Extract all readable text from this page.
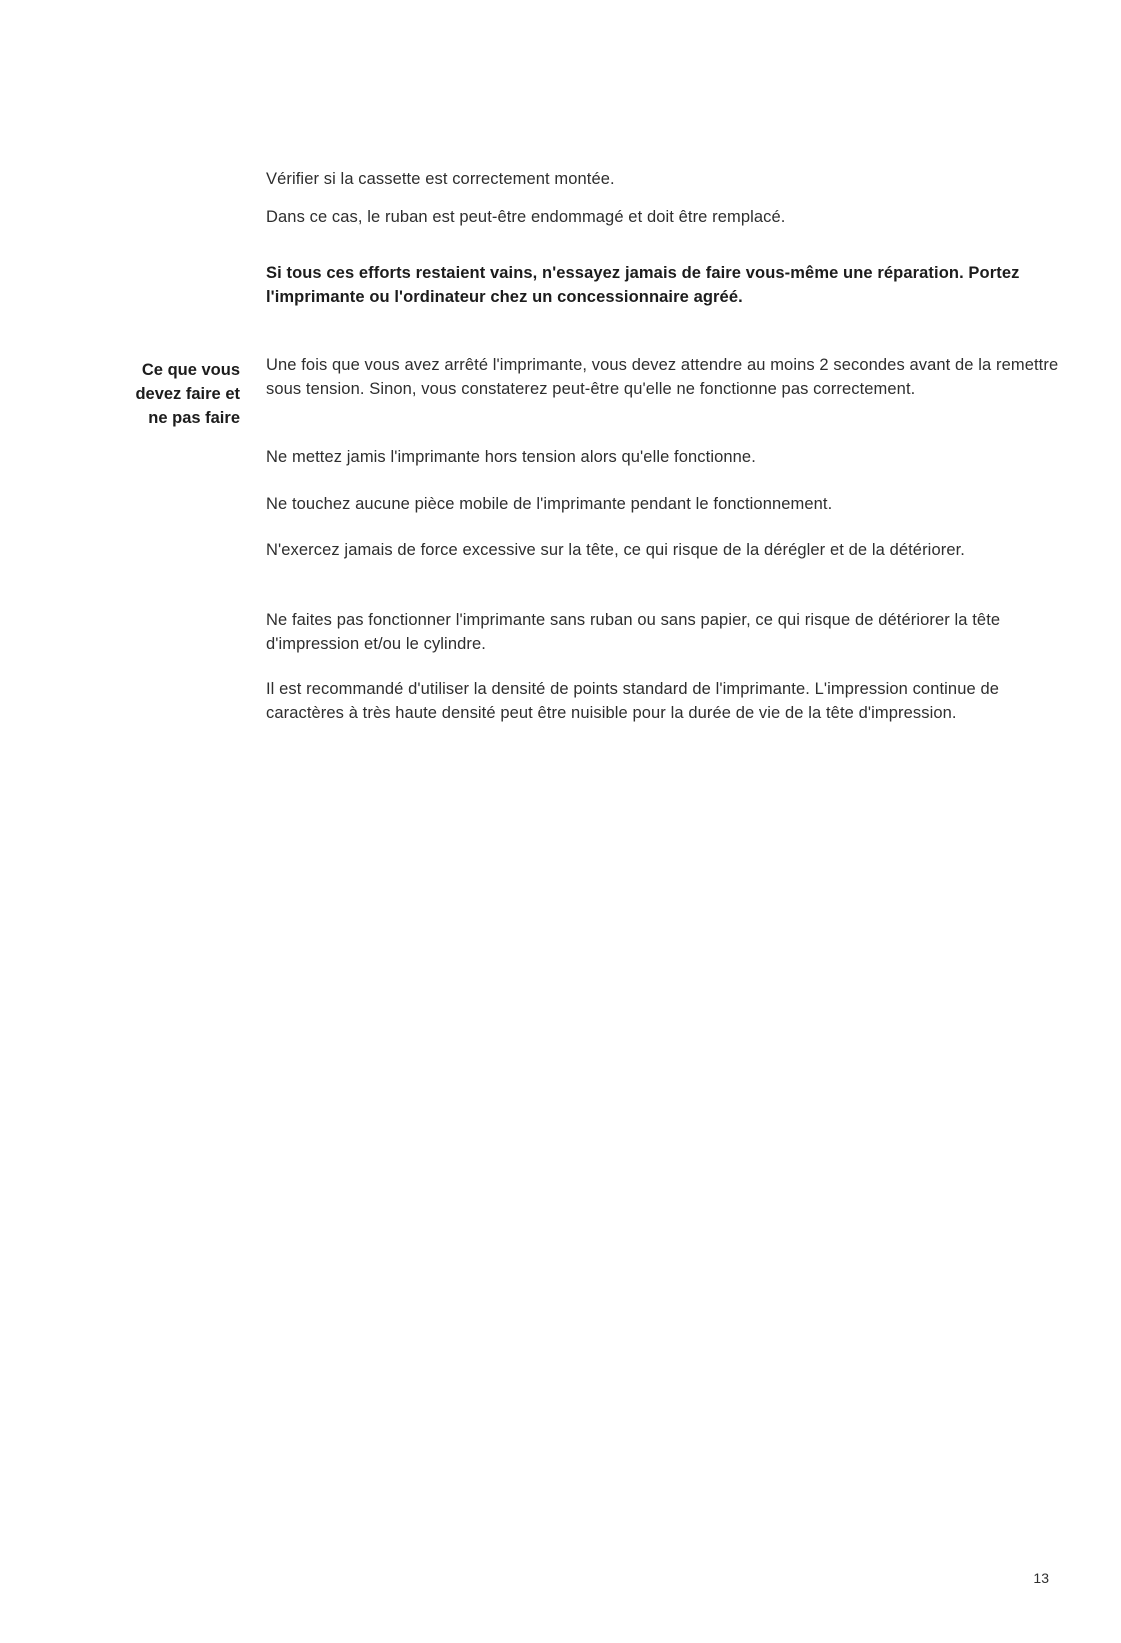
Vérifier si la cassette est correctement montée.

Dans ce cas, le ruban est peut-être endommagé et doit être remplacé.

Si tous ces efforts restaient vains, n'essayez jamais de faire vous-même une réparation. Portez l'imprimante ou l'ordinateur chez un concessionnaire agréé.

Ce que vous
devez faire et
ne pas faire

Une fois que vous avez arrêté l'imprimante, vous devez attendre au moins 2 secondes avant de la remettre sous tension. Sinon, vous constaterez peut-être qu'elle ne fonctionne pas correctement.

Ne mettez jamis l'imprimante hors tension alors qu'elle fonctionne.

Ne touchez aucune pièce mobile de l'imprimante pendant le fonctionnement.

N'exercez jamais de force excessive sur la tête, ce qui risque de la dérégler et de la détériorer.

Ne faites pas fonctionner l'imprimante sans ruban ou sans papier, ce qui risque de détériorer la tête d'impression et/ou le cylindre.

Il est recommandé d'utiliser la densité de points standard de l'imprimante. L'impression continue de caractères à très haute densité peut être nuisible pour la durée de vie de la tête d'impression.

13
